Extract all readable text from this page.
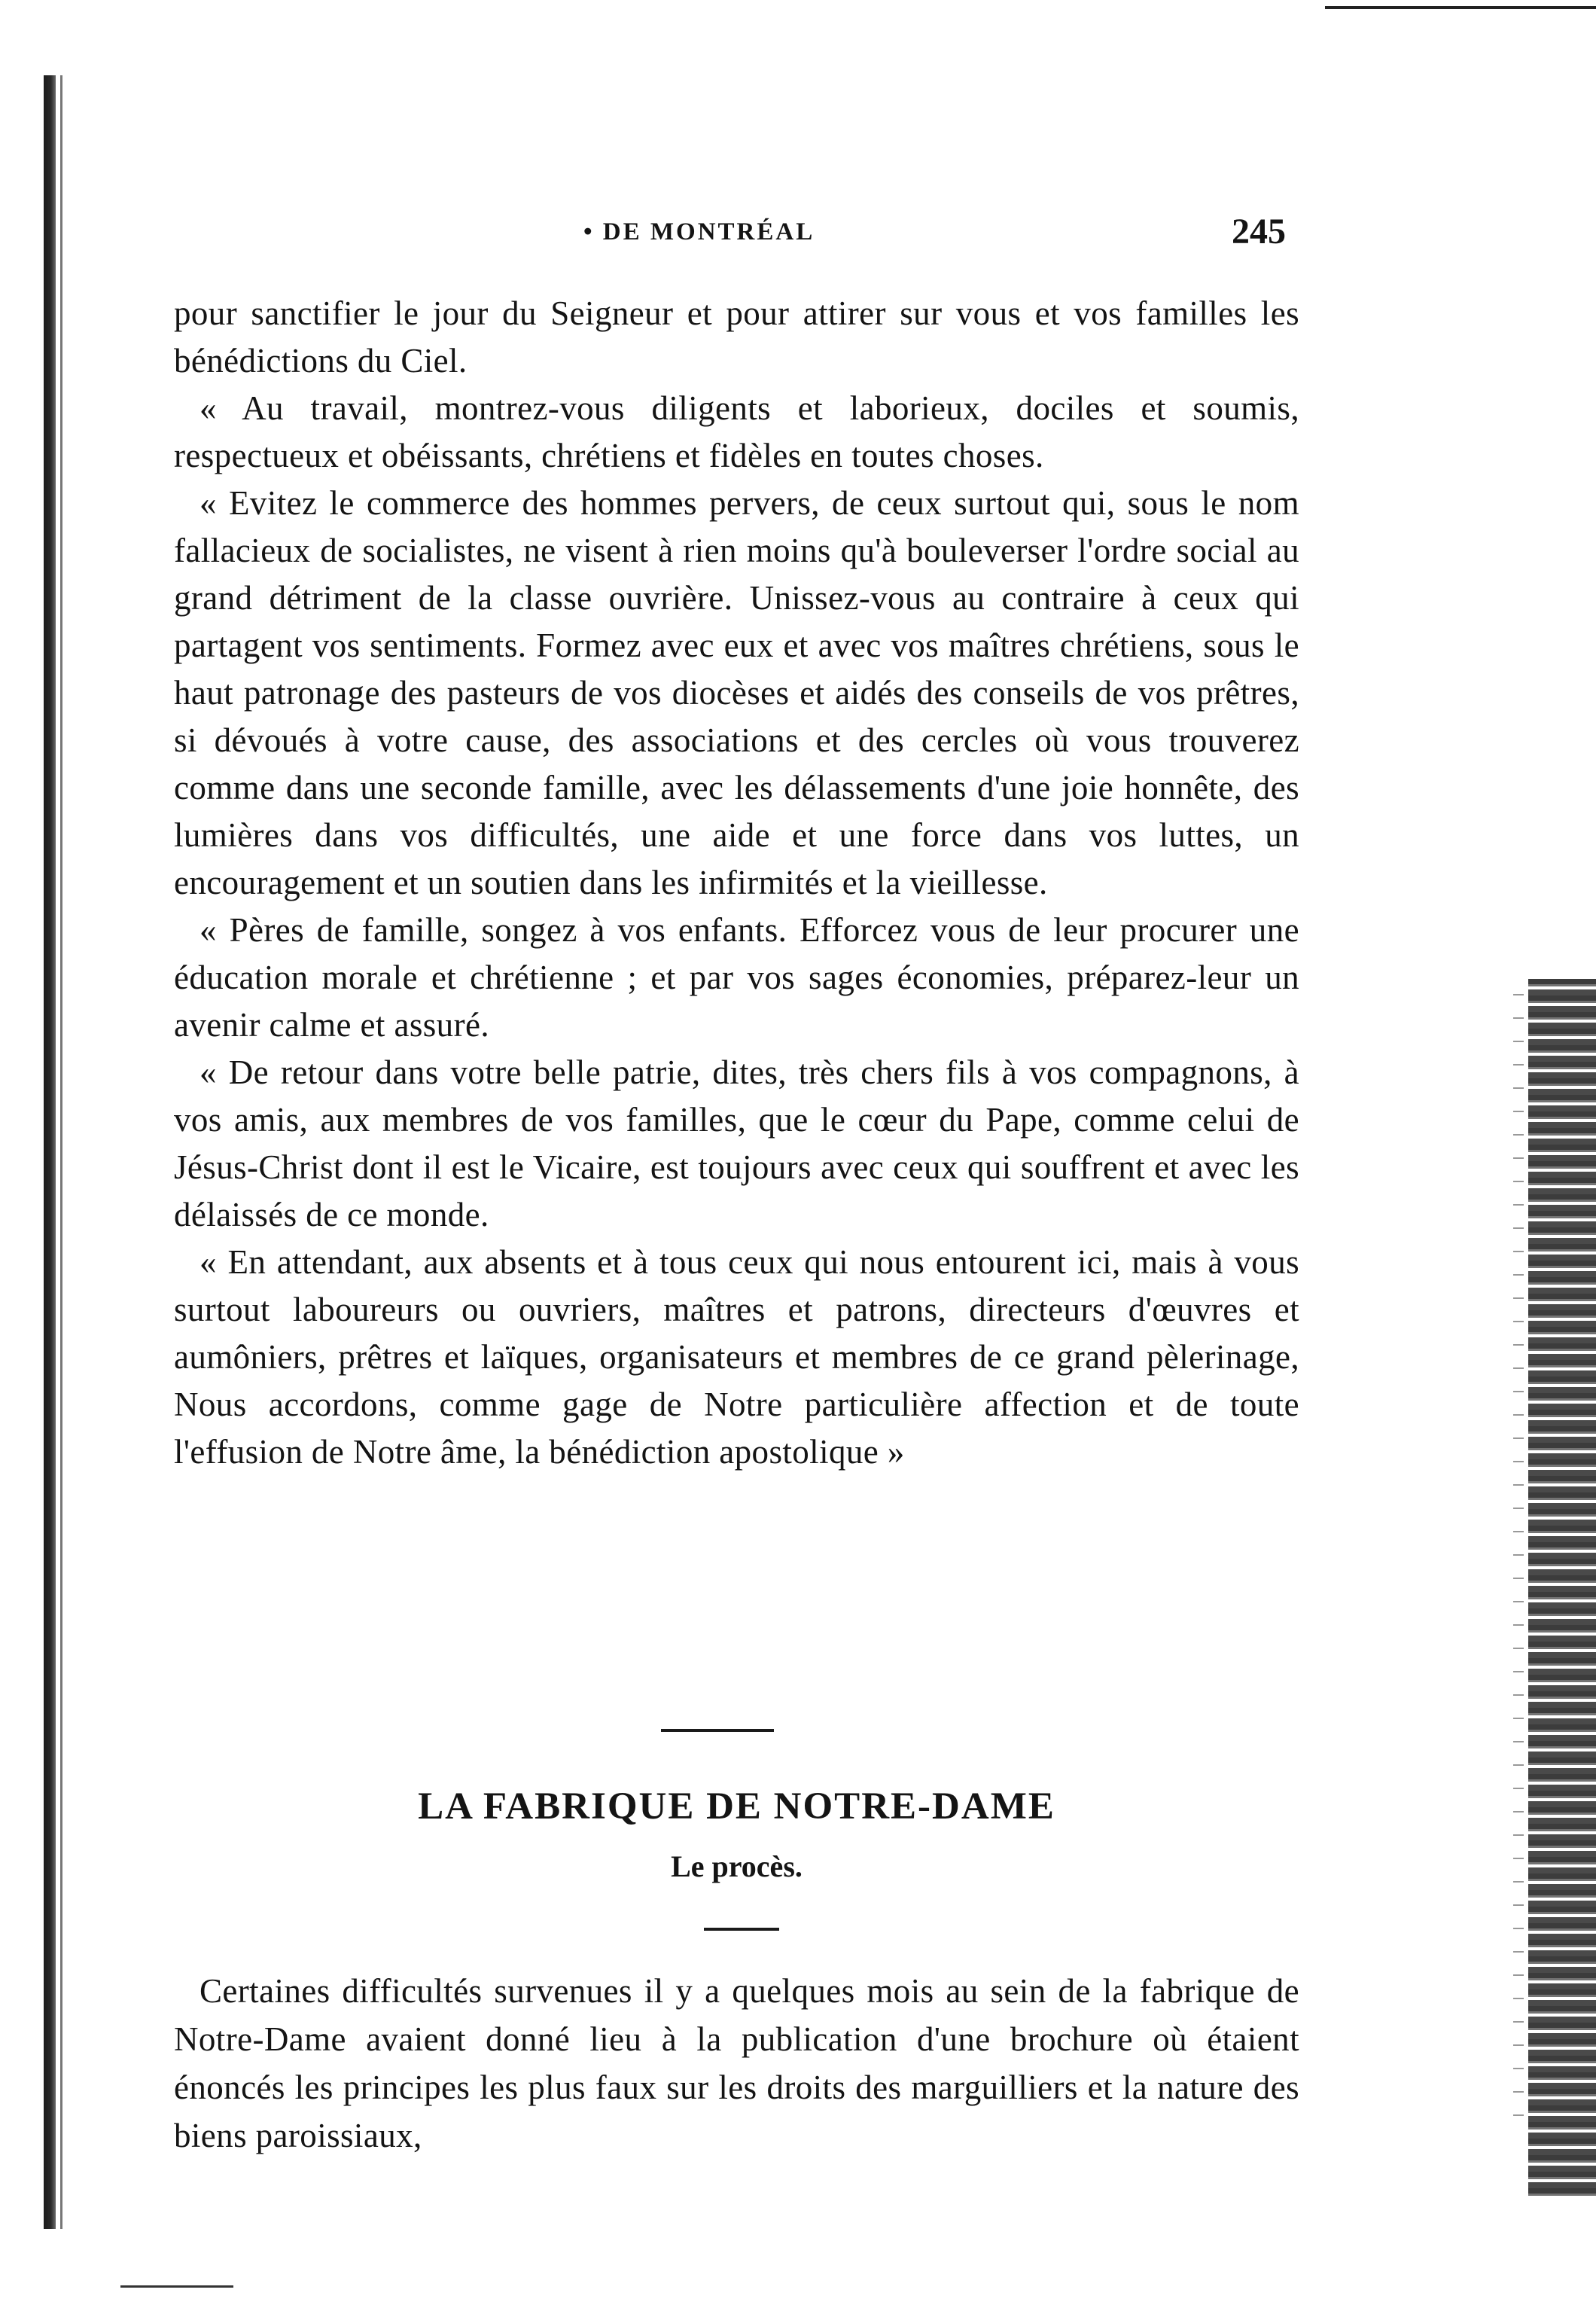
• DE MONTRÉAL	245

pour sanctifier le jour du Seigneur et pour attirer sur vous et vos familles les bénédictions du Ciel.

« Au travail, montrez-vous diligents et laborieux, dociles et soumis, respectueux et obéissants, chrétiens et fidèles en toutes choses.

« Evitez le commerce des hommes pervers, de ceux surtout qui, sous le nom fallacieux de socialistes, ne visent à rien moins qu'à bouleverser l'ordre social au grand détriment de la classe ouvrière. Unissez-vous au contraire à ceux qui partagent vos sentiments. Formez avec eux et avec vos maîtres chrétiens, sous le haut patronage des pasteurs de vos diocèses et aidés des conseils de vos prêtres, si dévoués à votre cause, des associations et des cercles où vous trouverez comme dans une seconde famille, avec les délassements d'une joie honnête, des lumières dans vos difficultés, une aide et une force dans vos luttes, un encouragement et un soutien dans les infirmités et la vieillesse.

« Pères de famille, songez à vos enfants. Efforcez vous de leur procurer une éducation morale et chrétienne ; et par vos sages économies, préparez-leur un avenir calme et assuré.

« De retour dans votre belle patrie, dites, très chers fils à vos compagnons, à vos amis, aux membres de vos familles, que le cœur du Pape, comme celui de Jésus-Christ dont il est le Vicaire, est toujours avec ceux qui souffrent et avec les délaissés de ce monde.

« En attendant, aux absents et à tous ceux qui nous entourent ici, mais à vous surtout laboureurs ou ouvriers, maîtres et patrons, directeurs d'œuvres et aumôniers, prêtres et laïques, organisateurs et membres de ce grand pèlerinage, Nous accordons, comme gage de Notre particulière affection et de toute l'effusion de Notre âme, la bénédiction apostolique »

LA FABRIQUE DE NOTRE-DAME
Le procès.

Certaines difficultés survenues il y a quelques mois au sein de la fabrique de Notre-Dame avaient donné lieu à la publication d'une brochure où étaient énoncés les principes les plus faux sur les droits des marguilliers et la nature des biens paroissiaux,
